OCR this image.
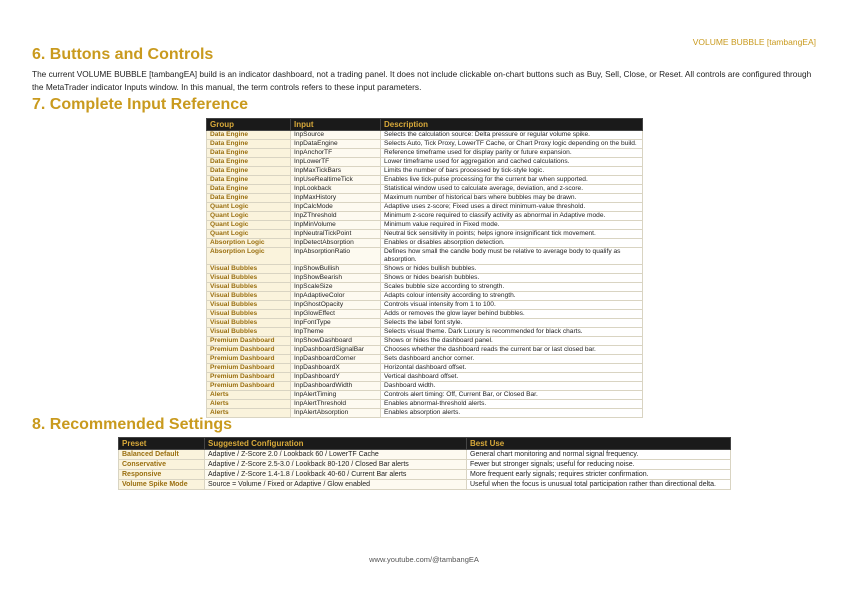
VOLUME BUBBLE [tambangEA]
6. Buttons and Controls

The current VOLUME BUBBLE [tambangEA] build is an indicator dashboard, not a trading panel. It does not include clickable on-chart buttons such as Buy, Sell, Close, or Reset. All controls are configured through the MetaTrader indicator Inputs window. In this manual, the term controls refers to these input parameters.

7. Complete Input Reference
Group	Input	Description
Data Engine	InpSource	Selects the calculation source: Delta pressure or regular volume spike.
Data Engine	InpDataEngine	Selects Auto, Tick Proxy, LowerTF Cache, or Chart Proxy logic depending on the build.
Data Engine	InpAnchorTF	Reference timeframe used for display parity or future expansion.
Data Engine	InpLowerTF	Lower timeframe used for aggregation and cached calculations.
Data Engine	InpMaxTickBars	Limits the number of bars processed by tick-style logic.
Data Engine	InpUseRealtimeTick	Enables live tick-pulse processing for the current bar when supported.
Data Engine	InpLookback	Statistical window used to calculate average, deviation, and z-score.
Data Engine	InpMaxHistory	Maximum number of historical bars where bubbles may be drawn.
Quant Logic	InpCalcMode	Adaptive uses z-score; Fixed uses a direct minimum-value threshold.
Quant Logic	InpZThreshold	Minimum z-score required to classify activity as abnormal in Adaptive mode.
Quant Logic	InpMinVolume	Minimum value required in Fixed mode.
Quant Logic	InpNeutralTickPoint	Neutral tick sensitivity in points; helps ignore insignificant tick movement.
Absorption Logic	InpDetectAbsorption	Enables or disables absorption detection.
Absorption Logic	InpAbsorptionRatio	Defines how small the candle body must be relative to average body to qualify as absorption.
Visual Bubbles	InpShowBullish	Shows or hides bullish bubbles.
Visual Bubbles	InpShowBearish	Shows or hides bearish bubbles.
Visual Bubbles	InpScaleSize	Scales bubble size according to strength.
Visual Bubbles	InpAdaptiveColor	Adapts colour intensity according to strength.
Visual Bubbles	InpGhostOpacity	Controls visual intensity from 1 to 100.
Visual Bubbles	InpGlowEffect	Adds or removes the glow layer behind bubbles.
Visual Bubbles	InpFontType	Selects the label font style.
Visual Bubbles	InpTheme	Selects visual theme. Dark Luxury is recommended for black charts.
Premium Dashboard	InpShowDashboard	Shows or hides the dashboard panel.
Premium Dashboard	InpDashboardSignalBar	Chooses whether the dashboard reads the current bar or last closed bar.
Premium Dashboard	InpDashboardCorner	Sets dashboard anchor corner.
Premium Dashboard	InpDashboardX	Horizontal dashboard offset.
Premium Dashboard	InpDashboardY	Vertical dashboard offset.
Premium Dashboard	InpDashboardWidth	Dashboard width.
Alerts	InpAlertTiming	Controls alert timing: Off, Current Bar, or Closed Bar.
Alerts	InpAlertThreshold	Enables abnormal-threshold alerts.
Alerts	InpAlertAbsorption	Enables absorption alerts.
8. Recommended Settings
Preset	Suggested Configuration	Best Use
Balanced Default	Adaptive / Z-Score 2.0 / Lookback 60 / LowerTF Cache	General chart monitoring and normal signal frequency.
Conservative	Adaptive / Z-Score 2.5-3.0 / Lookback 80-120 / Closed Bar alerts	Fewer but stronger signals; useful for reducing noise.
Responsive	Adaptive / Z-Score 1.4-1.8 / Lookback 40-60 / Current Bar alerts	More frequent early signals; requires stricter confirmation.
Volume Spike Mode	Source = Volume / Fixed or Adaptive / Glow enabled	Useful when the focus is unusual total participation rather than directional delta.
www.youtube.com/@tambangEA
